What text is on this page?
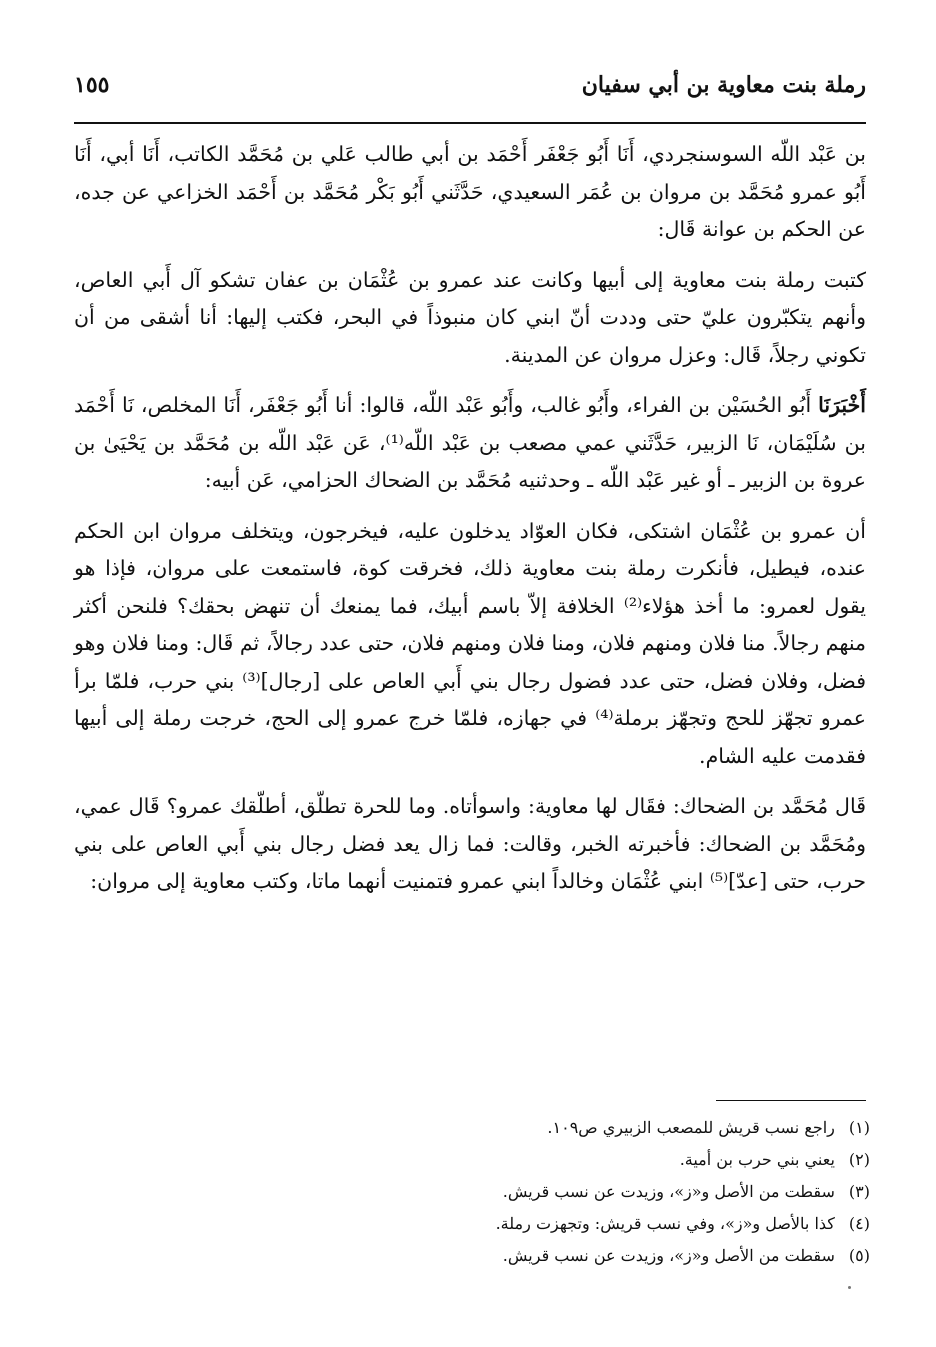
رملة بنت معاوية بن أبي سفيان
١٥٥

بن عَبْد اللّه السوسنجردي، أَنَا أَبُو جَعْفَر أَحْمَد بن أبي طالب عَلي بن مُحَمَّد الكاتب، أَنَا أبي، أَنَا أَبُو عمرو مُحَمَّد بن مروان بن عُمَر السعيدي، حَدَّثَني أَبُو بَكْر مُحَمَّد بن أَحْمَد الخزاعي عن جده، عن الحكم بن عوانة قَال:

كتبت رملة بنت معاوية إلى أبيها وكانت عند عمرو بن عُثْمَان بن عفان تشكو آل أَبي العاص، وأنهم يتكبّرون عليّ حتى وددت أنّ ابني كان منبوذاً في البحر، فكتب إليها: أنا أشقى من أن تكوني رجلاً، قَال: وعزل مروان عن المدينة.

أَخْبَرَنَا أَبُو الحُسَيْن بن الفراء، وأَبُو غالب، وأَبُو عَبْد اللّه، قالوا: أنا أَبُو جَعْفَر، أَنَا المخلص، نَا أَحْمَد بن سُلَيْمَان، نَا الزبير، حَدَّثَني عمي مصعب بن عَبْد اللّه⁽¹⁾، عَن عَبْد اللّه بن مُحَمَّد بن يَحْيَىٰ بن عروة بن الزبير ـ أو غير عَبْد اللّه ـ وحدثنيه مُحَمَّد بن الضحاك الحزامي، عَن أبيه:

أن عمرو بن عُثْمَان اشتكى، فكان العوّاد يدخلون عليه، فيخرجون، ويتخلف مروان ابن الحكم عنده، فيطيل، فأنكرت رملة بنت معاوية ذلك، فخرقت كوة، فاستمعت على مروان، فإذا هو يقول لعمرو: ما أخذ هؤلاء⁽²⁾ الخلافة إلاّ باسم أبيك، فما يمنعك أن تنهض بحقك؟ فلنحن أكثر منهم رجالاً. منا فلان ومنهم فلان، ومنا فلان ومنهم فلان، حتى عدد رجالاً، ثم قَال: ومنا فلان وهو فضل، وفلان فضل، حتى عدد فضول رجال بني أَبي العاص على [رجال]⁽³⁾ بني حرب، فلمّا برأ عمرو تجهّز للحج وتجهّز برملة⁽⁴⁾ في جهازه، فلمّا خرج عمرو إلى الحج، خرجت رملة إلى أبيها فقدمت عليه الشام.

قَال مُحَمَّد بن الضحاك: فقَال لها معاوية: واسوأتاه. وما للحرة تطلّق، أطلّقك عمرو؟ قَال عمي، ومُحَمَّد بن الضحاك: فأخبرته الخبر، وقالت: فما زال يعد فضل رجال بني أَبي العاص على بني حرب، حتى [عدّ]⁽⁵⁾ ابني عُثْمَان وخالداً ابني عمرو فتمنيت أنهما ماتا، وكتب معاوية إلى مروان:

(١) راجع نسب قريش للمصعب الزبيري ص١٠٩.
(٢) يعني بني حرب بن أمية.
(٣) سقطت من الأصل و«ز»، وزيدت عن نسب قريش.
(٤) كذا بالأصل و«ز»، وفي نسب قريش: وتجهزت رملة.
(٥) سقطت من الأصل و«ز»، وزيدت عن نسب قريش.
